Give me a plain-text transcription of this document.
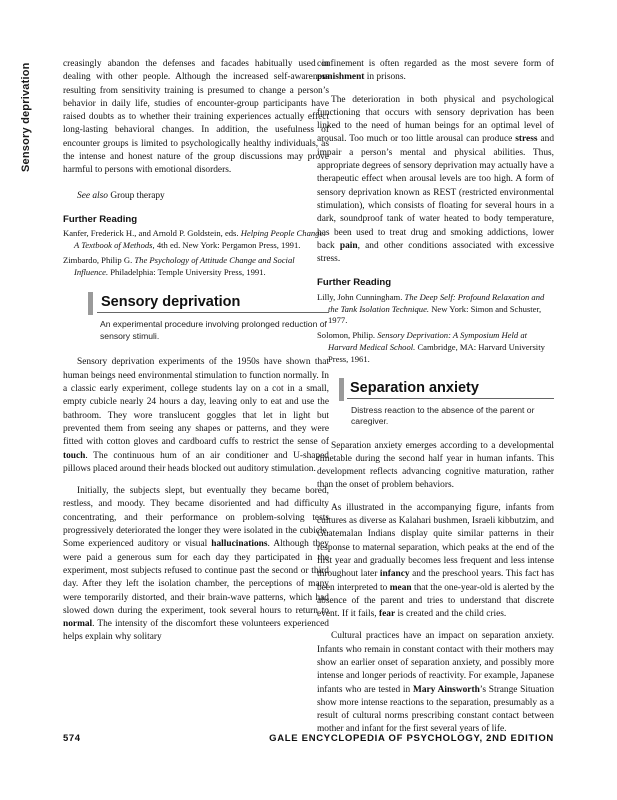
Sensory deprivation	creasingly abandon the defenses and facades habitually used in dealing with other people. Although the increased self-awareness resulting from sensitivity training is presumed to change a person’s behavior in daily life, studies of encounter-group participants have raised doubts as to whether their training experiences actually effect long-lasting behavioral changes. In addition, the usefulness of encounter groups is limited to psychologically healthy individuals, as the intense and honest nature of the group discussions may prove harmful to persons with emotional disorders.

See also Group therapy

Further Reading

Kanfer, Frederick H., and Arnold P. Goldstein, eds. Helping People Change: A Textbook of Methods, 4th ed. New York: Pergamon Press, 1991.

Zimbardo, Philip G. The Psychology of Attitude Change and Social Influence. Philadelphia: Temple University Press, 1991.

Sensory deprivation
An experimental procedure involving prolonged reduction of sensory stimuli.

Sensory deprivation experiments of the 1950s have shown that human beings need environmental stimulation to function normally. In a classic early experiment, college students lay on a cot in a small, empty cubicle nearly 24 hours a day, leaving only to eat and use the bathroom. They wore translucent goggles that let in light but prevented them from seeing any shapes or patterns, and they were fitted with cotton gloves and cardboard cuffs to restrict the sense of touch. The continuous hum of an air conditioner and U-shaped pillows placed around their heads blocked out auditory stimulation.

Initially, the subjects slept, but eventually they became bored, restless, and moody. They became disoriented and had difficulty concentrating, and their performance on problem-solving tests progressively deteriorated the longer they were isolated in the cubicle. Some experienced auditory or visual hallucinations. Although they were paid a generous sum for each day they participated in the experiment, most subjects refused to continue past the second or third day. After they left the isolation chamber, the perceptions of many were temporarily distorted, and their brain-wave patterns, which had slowed down during the experiment, took several hours to return to normal. The intensity of the discomfort these volunteers experienced helps explain why solitary

confinement is often regarded as the most severe form of punishment in prisons.

The deterioration in both physical and psychological functioning that occurs with sensory deprivation has been linked to the need of human beings for an optimal level of arousal. Too much or too little arousal can produce stress and impair a person’s mental and physical abilities. Thus, appropriate degrees of sensory deprivation may actually have a therapeutic effect when arousal levels are too high. A form of sensory deprivation known as REST (restricted environmental stimulation), which consists of floating for several hours in a dark, soundproof tank of water heated to body temperature, has been used to treat drug and smoking addictions, lower back pain, and other conditions associated with excessive stress.

Further Reading

Lilly, John Cunningham. The Deep Self: Profound Relaxation and the Tank Isolation Technique. New York: Simon and Schuster, 1977.

Solomon, Philip. Sensory Deprivation: A Symposium Held at Harvard Medical School. Cambridge, MA: Harvard University Press, 1961.

Separation anxiety
Distress reaction to the absence of the parent or caregiver.

Separation anxiety emerges according to a developmental timetable during the second half year in human infants. This development reflects advancing cognitive maturation, rather than the onset of problem behaviors.

As illustrated in the accompanying figure, infants from cultures as diverse as Kalahari bushmen, Israeli kibbutzim, and Guatemalan Indians display quite similar patterns in their response to maternal separation, which peaks at the end of the first year and gradually becomes less frequent and less intense throughout later infancy and the preschool years. This fact has been interpreted to mean that the one-year-old is alerted by the absence of the parent and tries to understand that discrete event. If it fails, fear is created and the child cries.

Cultural practices have an impact on separation anxiety. Infants who remain in constant contact with their mothers may show an earlier onset of separation anxiety, and possibly more intense and longer periods of reactivity. For example, Japanese infants who are tested in Mary Ainsworth’s Strange Situation show more intense reactions to the separation, presumably as a result of cultural norms prescribing constant contact between mother and infant for the first several years of life.

574	GALE ENCYCLOPEDIA OF PSYCHOLOGY, 2ND EDITION
